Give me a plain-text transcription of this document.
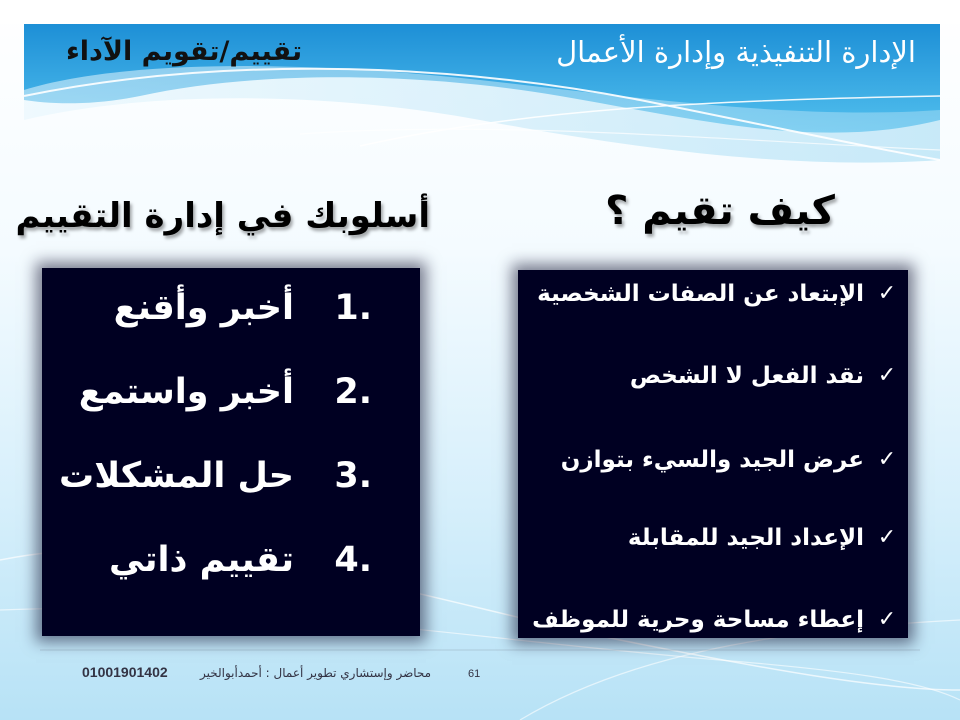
الإدارة التنفيذية وإدارة الأعمال
تقييم/تقويم الآداء
أسلوبك في إدارة التقييم	كيف تقيم ؟
1.
أخبر وأقنع
2.
أخبر واستمع
3.
حل المشكلات
4.
تقييم ذاتي
✓
الإبتعاد عن الصفات الشخصية
✓
نقد الفعل لا الشخص
✓
عرض الجيد والسيء بتوازن
✓
الإعداد الجيد للمقابلة
✓
إعطاء مساحة وحرية للموظف
01001901402	محاضر وإستشاري تطوير أعمال : أحمدأبوالخير	61
